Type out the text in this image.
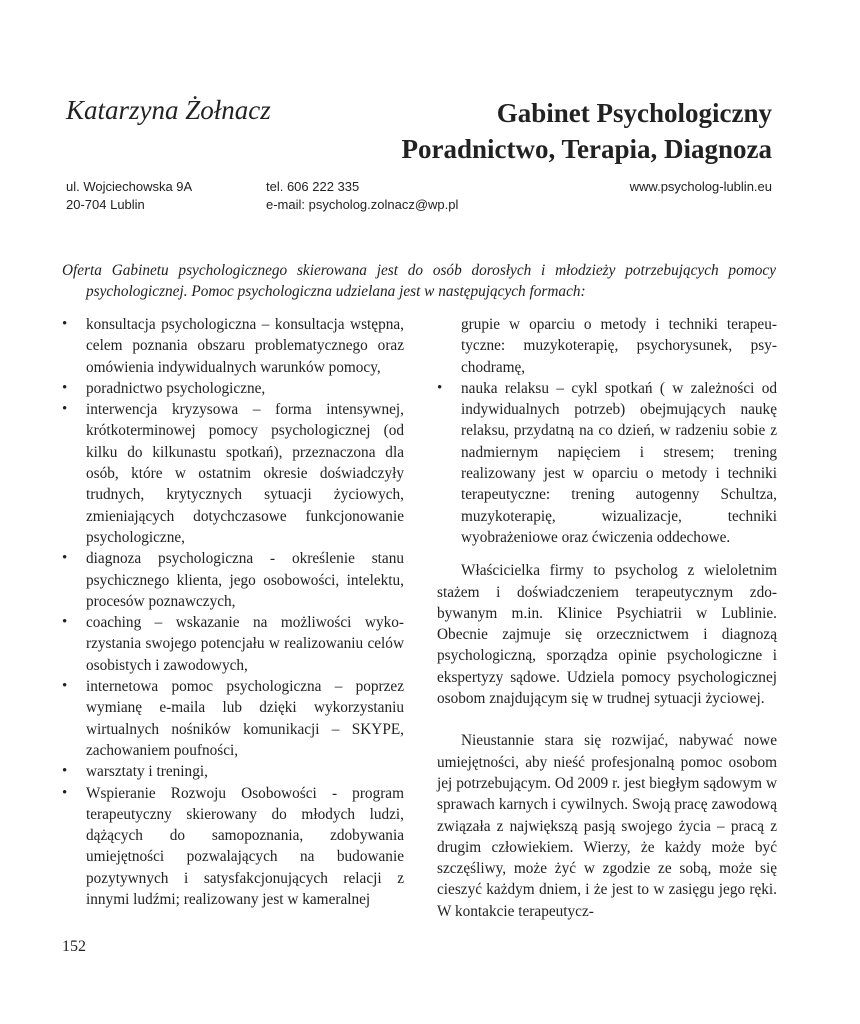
Katarzyna Żołnacz	Gabinet Psychologiczny
Poradnictwo, Terapia, Diagnoza
ul. Wojciechowska 9A
20-704 Lublin
tel. 606 222 335
e-mail: psycholog.zolnacz@wp.pl
www.psycholog-lublin.eu

Oferta Gabinetu psychologicznego skierowana jest do osób dorosłych i młodzieży potrzebujących pomocy psychologicznej. Pomoc psychologiczna udzielana jest w następujących formach:

• konsultacja psychologiczna – konsultacja wstępna, celem poznania obszaru problematycznego oraz omówienia indywidualnych warunków pomocy,
• poradnictwo psychologiczne,
• interwencja kryzysowa – forma intensywnej, krótkoterminowej pomocy psychologicznej (od kilku do kilkunastu spotkań), przeznaczona dla osób, które w ostatnim okresie doświadczyły trudnych, krytycznych sytuacji życiowych, zmieniających dotychczasowe funkcjonowanie psychologiczne,
• diagnoza psychologiczna - określenie stanu psychicznego klienta, jego osobowości, intelektu, procesów poznawczych,
• coaching – wskazanie na możliwości wykorzystania swojego potencjału w realizowaniu celów osobistych i zawodowych,
• internetowa pomoc psychologiczna – poprzez wymianę e-maila lub dzięki wykorzystaniu wirtualnych nośników komunikacji – SKYPE, zachowaniem poufności,
• warsztaty i treningi,
• Wspieranie Rozwoju Osobowości - program terapeutyczny skierowany do młodych ludzi, dążących do samopoznania, zdobywania umiejętności pozwalających na budowanie pozytywnych i satysfakcjonujących relacji z innymi ludźmi; realizowany jest w kameralnej
grupie w oparciu o metody i techniki terapeutyczne: muzykoterapię, psychorysunek, psychodramę,
• nauka relaksu – cykl spotkań ( w zależności od indywidualnych potrzeb) obejmujących naukę relaksu, przydatną na co dzień, w radzeniu sobie z nadmiernym napięciem i stresem; trening realizowany jest w oparciu o metody i techniki terapeutyczne: trening autogenny Schultza, muzykoterapię, wizualizacje, techniki wyobrażeniowe oraz ćwiczenia oddechowe.

Właścicielka firmy to psycholog z wieloletnim stażem i doświadczeniem terapeutycznym zdobywanym m.in. Klinice Psychiatrii w Lublinie. Obecnie zajmuje się orzecznictwem i diagnozą psychologiczną, sporządza opinie psychologiczne i ekspertyzy sądowe. Udziela pomocy psychologicznej osobom znajdującym się w trudnej sytuacji życiowej.

Nieustannie stara się rozwijać, nabywać nowe umiejętności, aby nieść profesjonalną pomoc osobom jej potrzebującym. Od 2009 r. jest biegłym sądowym w sprawach karnych i cywilnych. Swoją pracę zawodową związała z największą pasją swojego życia – pracą z drugim człowiekiem. Wierzy, że każdy może być szczęśliwy, może żyć w zgodzie ze sobą, może się cieszyć każdym dniem, i że jest to w zasięgu jego ręki. W kontakcie terapeutycz-

152
